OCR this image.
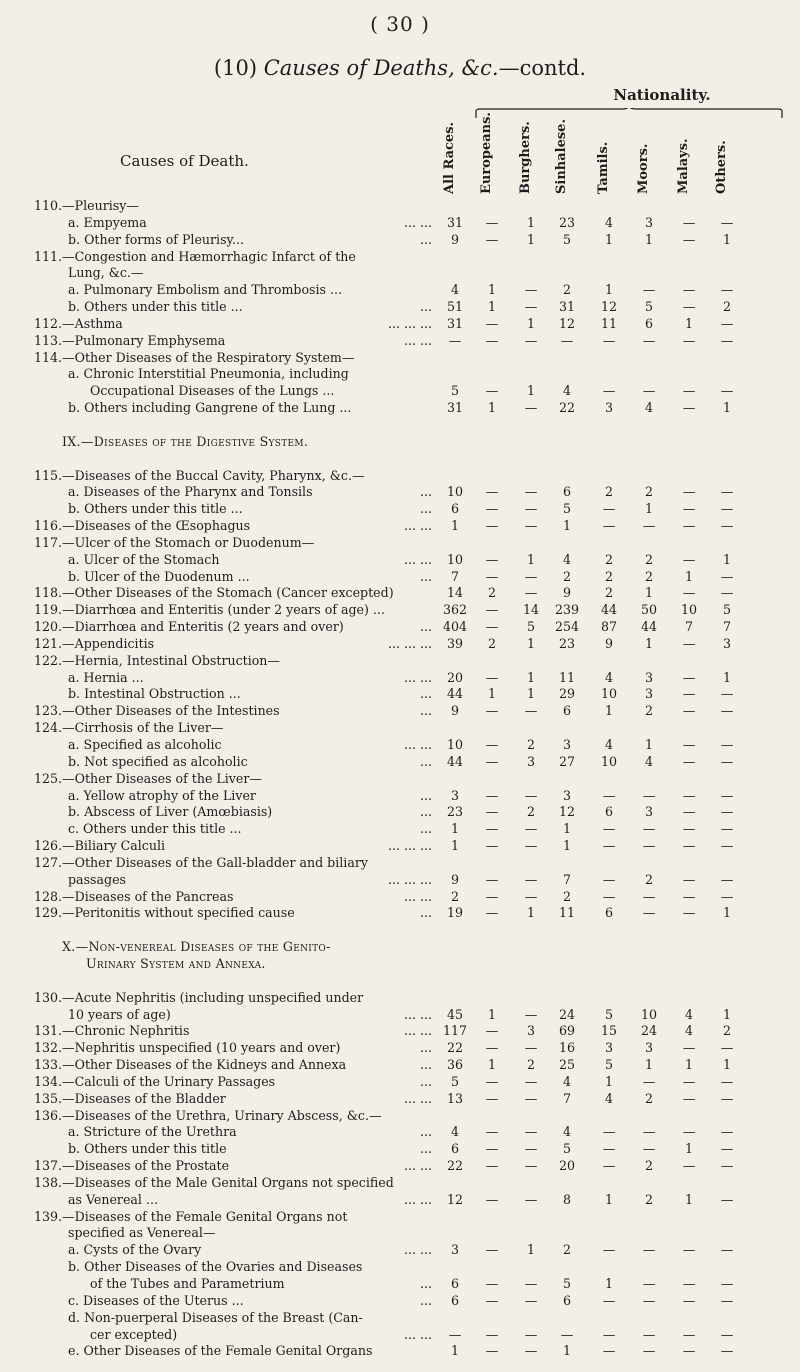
( 30 )
(10) Causes of Deaths, &c.—contd.
Nationality.
Causes of Death.	All Races.	Europeans.	Burghers.	Sinhalese.	Tamils.	Moors.	Malays.	Others.
110.—Pleurisy—
a. Empyema	... ...	31	—	1	23	4	3	—	—
b. Other forms of Pleurisy...	...	9	—	1	5	1	1	—	1
111.—Congestion and Hæmorrhagic Infarct of the
Lung, &c.—
a. Pulmonary Embolism and Thrombosis ...	4	1	—	2	1	—	—	—
b. Others under this title ...	...	51	1	—	31	12	5	—	2
112.—Asthma	... ... ...	31	—	1	12	11	6	1	—
113.—Pulmonary Emphysema	... ...	—	—	—	—	—	—	—	—
114.—Other Diseases of the Respiratory System—
a. Chronic Interstitial Pneumonia, including
Occupational Diseases of the Lungs ...	5	—	1	4	—	—	—	—
b. Others including Gangrene of the Lung ...	31	1	—	22	3	4	—	1
IX.—Diseases of the Digestive System.
115.—Diseases of the Buccal Cavity, Pharynx, &c.—
a. Diseases of the Pharynx and Tonsils	...	10	—	—	6	2	2	—	—
b. Others under this title ...	...	6	—	—	5	—	1	—	—
116.—Diseases of the Œsophagus	... ...	1	—	—	1	—	—	—	—
117.—Ulcer of the Stomach or Duodenum—
a. Ulcer of the Stomach	... ...	10	—	1	4	2	2	—	1
b. Ulcer of the Duodenum ...	...	7	—	—	2	2	2	1	—
118.—Other Diseases of the Stomach (Cancer excepted)	14	2	—	9	2	1	—	—
119.—Diarrhœa and Enteritis (under 2 years of age) ...	362	—	14	239	44	50	10	5
120.—Diarrhœa and Enteritis (2 years and over)	... 404	—	5	254	87	44	7	7
121.—Appendicitis	... ... ...	39	2	1	23	9	1	—	3
122.—Hernia, Intestinal Obstruction—
a. Hernia ...	... ...	20	—	1	11	4	3	—	1
b. Intestinal Obstruction ...	...	44	1	1	29	10	3	—	—
123.—Other Diseases of the Intestines	...	9	—	—	6	1	2	—	—
124.—Cirrhosis of the Liver—
a. Specified as alcoholic	... ...	10	—	2	3	4	1	—	—
b. Not specified as alcoholic	...	44	—	3	27	10	4	—	—
125.—Other Diseases of the Liver—
a. Yellow atrophy of the Liver	...	3	—	—	3	—	—	—	—
b. Abscess of Liver (Amœbiasis)	...	23	—	2	12	6	3	—	—
c. Others under this title ...	...	1	—	—	1	—	—	—	—
126.—Biliary Calculi	... ... ...	1	—	—	1	—	—	—	—
127.—Other Diseases of the Gall-bladder and biliary
passages	... ... ...	9	—	—	7	—	2	—	—
128.—Diseases of the Pancreas	... ...	2	—	—	2	—	—	—	—
129.—Peritonitis without specified cause	...	19	—	1	11	6	—	—	1
X.—Non-venereal Diseases of the Genito-
Urinary System and Annexa.
130.—Acute Nephritis (including unspecified under
10 years of age)	... ...	45	1	—	24	5	10	4	1
131.—Chronic Nephritis	... ... 117	—	3	69	15	24	4	2
132.—Nephritis unspecified (10 years and over)	...	22	—	—	16	3	3	—	—
133.—Other Diseases of the Kidneys and Annexa	...	36	1	2	25	5	1	1	1
134.—Calculi of the Urinary Passages	...	5	—	—	4	1	—	—	—
135.—Diseases of the Bladder	... ...	13	—	—	7	4	2	—	—
136.—Diseases of the Urethra, Urinary Abscess, &c.—
a. Stricture of the Urethra	...	4	—	—	4	—	—	—	—
b. Others under this title	...	6	—	—	5	—	—	1	—
137.—Diseases of the Prostate	... ...	22	—	—	20	—	2	—	—
138.—Diseases of the Male Genital Organs not specified
as Venereal ...	... ...	12	—	—	8	1	2	1	—
139.—Diseases of the Female Genital Organs not
specified as Venereal—
a. Cysts of the Ovary	... ...	3	—	1	2	—	—	—	—
b. Other Diseases of the Ovaries and Diseases
of the Tubes and Parametrium	...	6	—	—	5	1	—	—	—
c. Diseases of the Uterus ...	...	6	—	—	6	—	—	—	—
d. Non-puerperal Diseases of the Breast (Can-
cer excepted)	... ...	—	—	—	—	—	—	—	—
e. Other Diseases of the Female Genital Organs	1	—	—	1	—	—	—	—
